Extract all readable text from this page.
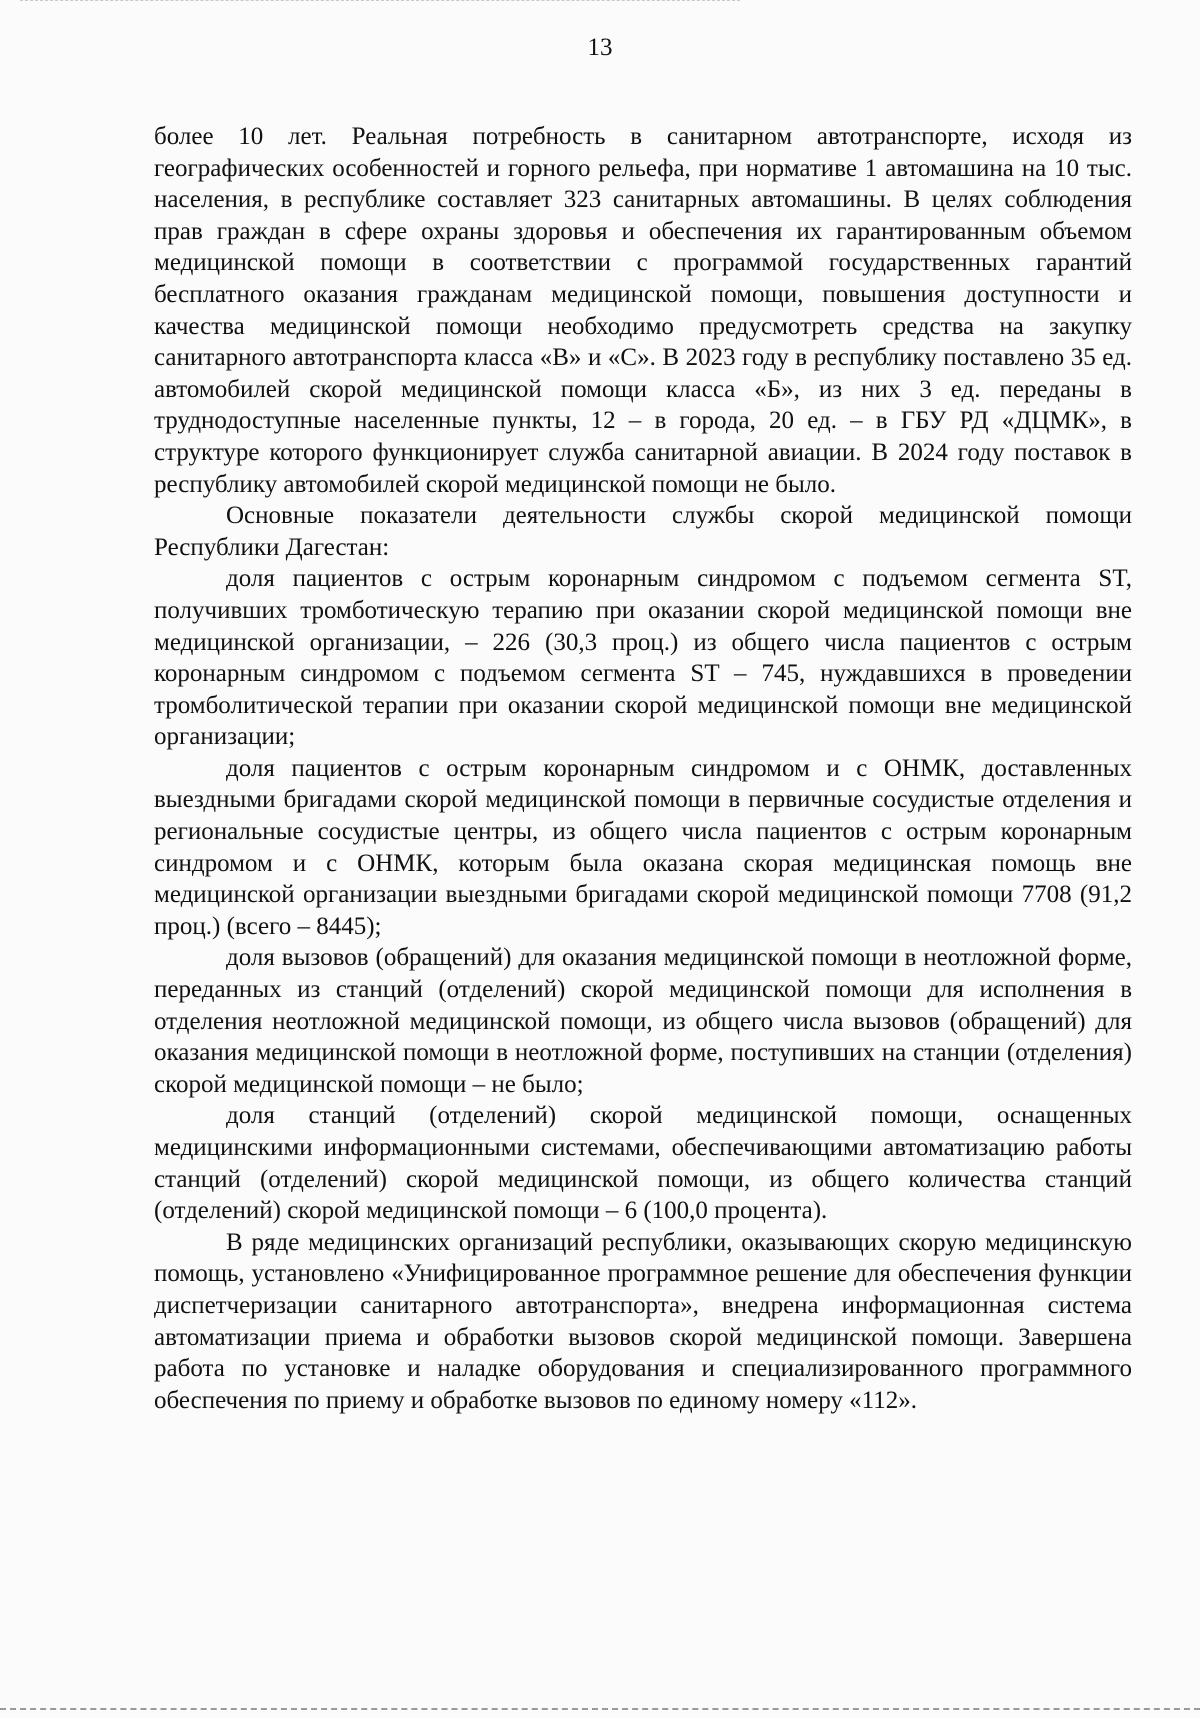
13

более 10 лет. Реальная потребность в санитарном автотранспорте, исходя из географических особенностей и горного рельефа, при нормативе 1 автомашина на 10 тыс. населения, в республике составляет 323 санитарных автомашины. В целях соблюдения прав граждан в сфере охраны здоровья и обеспечения их гарантированным объемом медицинской помощи в соответствии с программой государственных гарантий бесплатного оказания гражданам медицинской помощи, повышения доступности и качества медицинской помощи необходимо предусмотреть средства на закупку санитарного автотранспорта класса «В» и «С». В 2023 году в республику поставлено 35 ед. автомобилей скорой медицинской помощи класса «Б», из них 3 ед. переданы в труднодоступные населенные пункты, 12 – в города, 20 ед. – в ГБУ РД «ДЦМК», в структуре которого функционирует служба санитарной авиации. В 2024 году поставок в республику автомобилей скорой медицинской помощи не было.

Основные показатели деятельности службы скорой медицинской помощи Республики Дагестан:

доля пациентов с острым коронарным синдромом с подъемом сегмента ST, получивших тромботическую терапию при оказании скорой медицинской помощи вне медицинской организации, – 226 (30,3 проц.) из общего числа пациентов с острым коронарным синдромом с подъемом сегмента ST – 745, нуждавшихся в проведении тромболитической терапии при оказании скорой медицинской помощи вне медицинской организации;

доля пациентов с острым коронарным синдромом и с ОНМК, доставленных выездными бригадами скорой медицинской помощи в первичные сосудистые отделения и региональные сосудистые центры, из общего числа пациентов с острым коронарным синдромом и с ОНМК, которым была оказана скорая медицинская помощь вне медицинской организации выездными бригадами скорой медицинской помощи 7708 (91,2 проц.) (всего – 8445);

доля вызовов (обращений) для оказания медицинской помощи в неотложной форме, переданных из станций (отделений) скорой медицинской помощи для исполнения в отделения неотложной медицинской помощи, из общего числа вызовов (обращений) для оказания медицинской помощи в неотложной форме, поступивших на станции (отделения) скорой медицинской помощи – не было;

доля станций (отделений) скорой медицинской помощи, оснащенных медицинскими информационными системами, обеспечивающими автоматизацию работы станций (отделений) скорой медицинской помощи, из общего количества станций (отделений) скорой медицинской помощи – 6 (100,0 процента).

В ряде медицинских организаций республики, оказывающих скорую медицинскую помощь, установлено «Унифицированное программное решение для обеспечения функции диспетчеризации санитарного автотранспорта», внедрена информационная система автоматизации приема и обработки вызовов скорой медицинской помощи. Завершена работа по установке и наладке оборудования и специализированного программного обеспечения по приему и обработке вызовов по единому номеру «112».
